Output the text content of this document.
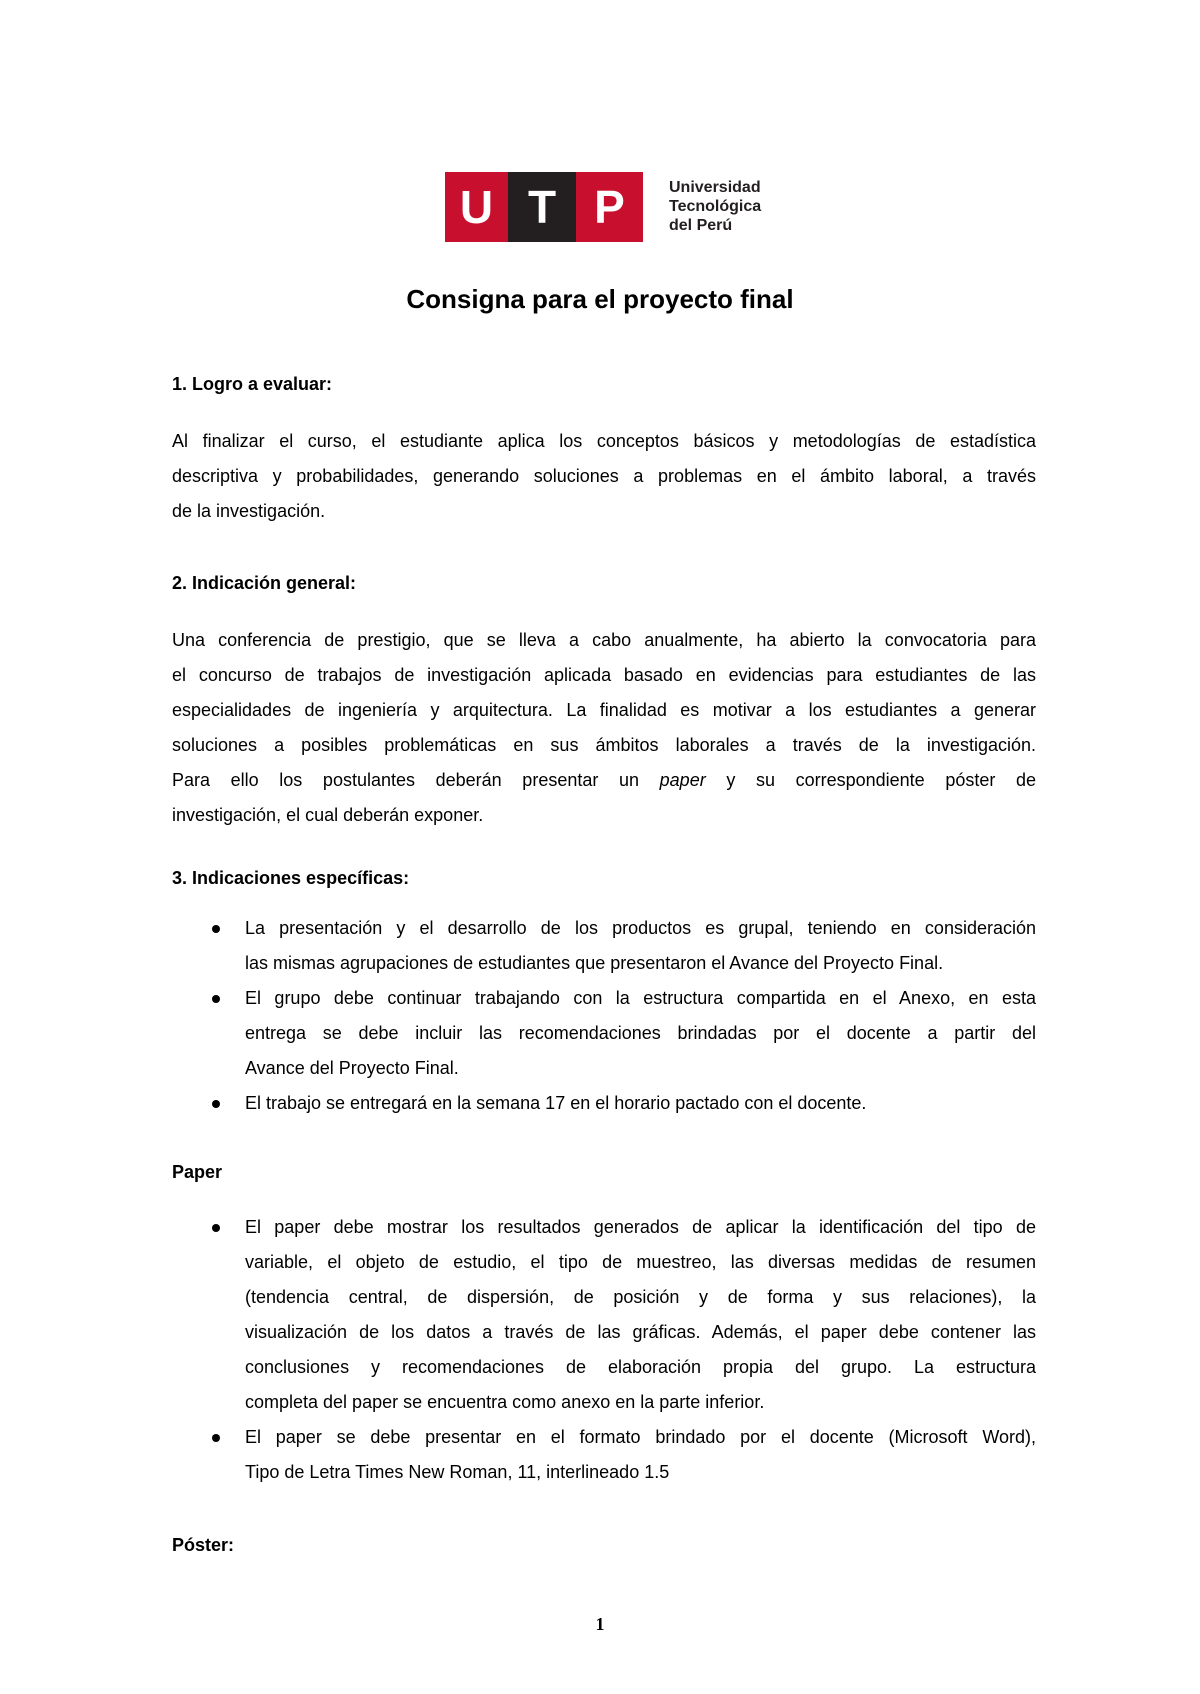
U T P	Universidad
Tecnológica
del Perú
Consigna para el proyecto final
1. Logro a evaluar:
Al finalizar el curso, el estudiante aplica los conceptos básicos y metodologías de estadística
descriptiva y probabilidades, generando soluciones a problemas en el ámbito laboral, a través
de la investigación.
2. Indicación general:
Una conferencia de prestigio, que se lleva a cabo anualmente, ha abierto la convocatoria para
el concurso de trabajos de investigación aplicada basado en evidencias para estudiantes de las
especialidades de ingeniería y arquitectura. La finalidad es motivar a los estudiantes a generar
soluciones a posibles problemáticas en sus ámbitos laborales a través de la investigación.
Para ello los postulantes deberán presentar un paper y su correspondiente póster de
investigación, el cual deberán exponer.
3. Indicaciones específicas:
La presentación y el desarrollo de los productos es grupal, teniendo en consideración
las mismas agrupaciones de estudiantes que presentaron el Avance del Proyecto Final.
El grupo debe continuar trabajando con la estructura compartida en el Anexo, en esta
entrega se debe incluir las recomendaciones brindadas por el docente a partir del
Avance del Proyecto Final.
El trabajo se entregará en la semana 17 en el horario pactado con el docente.
Paper
El paper debe mostrar los resultados generados de aplicar la identificación del tipo de
variable, el objeto de estudio, el tipo de muestreo, las diversas medidas de resumen
(tendencia central, de dispersión, de posición y de forma y sus relaciones), la
visualización de los datos a través de las gráficas. Además, el paper debe contener las
conclusiones y recomendaciones de elaboración propia del grupo. La estructura
completa del paper se encuentra como anexo en la parte inferior.
El paper se debe presentar en el formato brindado por el docente (Microsoft Word),
Tipo de Letra Times New Roman, 11, interlineado 1.5
Póster:
1
